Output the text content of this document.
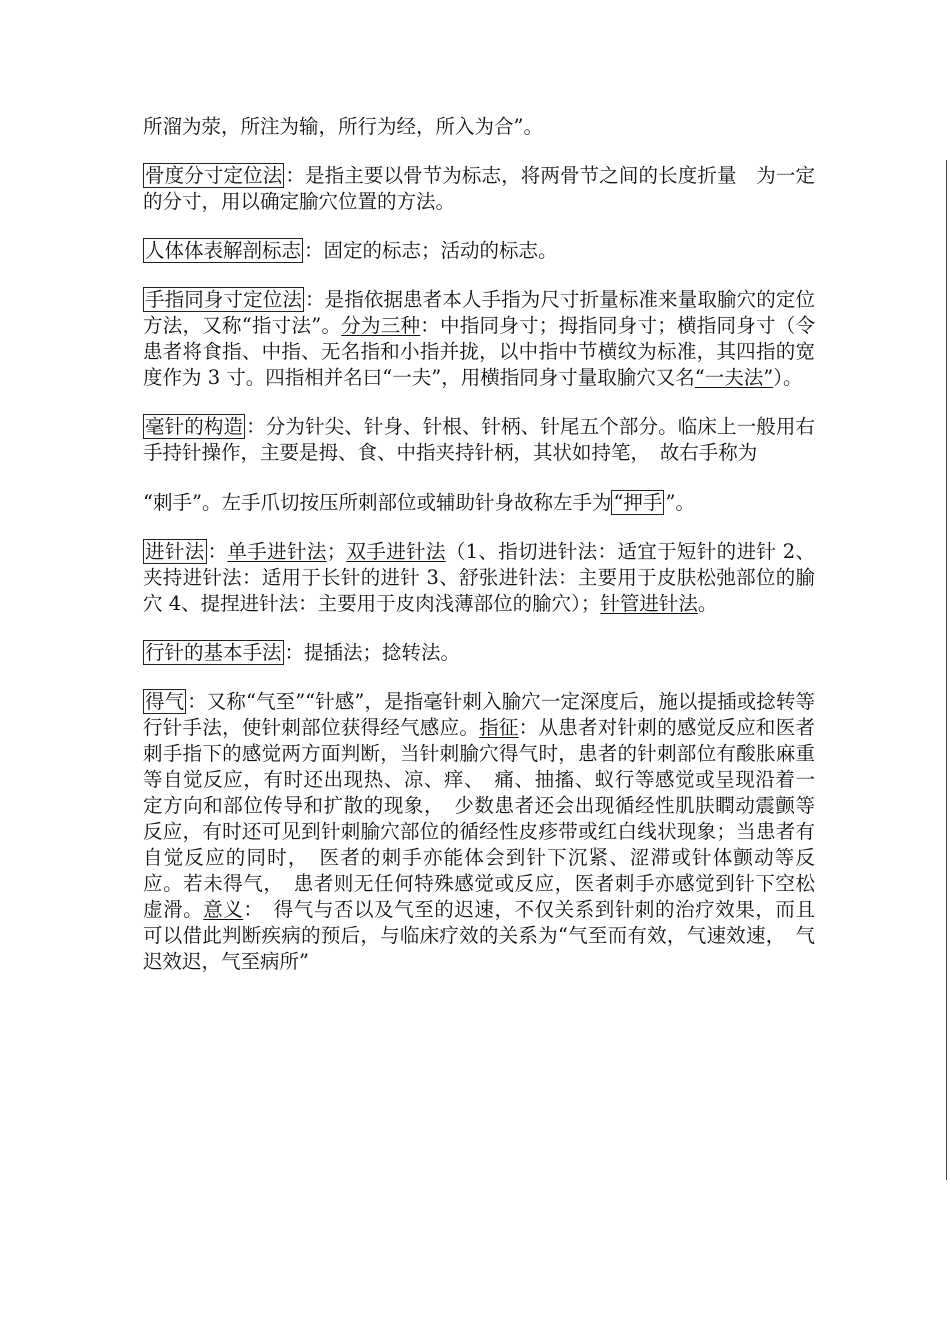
所溜为荥，所注为输，所行为经，所入为合”。

骨度分寸定位法 ：是指主要以骨节为标志，将两骨节之间的长度折量　为一定的分寸，用以确定腧穴位置的方法。

人体体表解剖标志 ：固定的标志；活动的标志。

手指同身寸定位法 ：是指依据患者本人手指为尺寸折量标准来量取腧穴的定位方法，又称“指寸法”。分为三种：中指同身寸；拇指同身寸；横指同身寸（令患者将食指、中指、无名指和小指并拢，以中指中节横纹为标准，其四指的宽度作为 3 寸。四指相并名曰“一夫”，用横指同身寸量取腧穴又名“一夫法”）。

毫针的构造 ：分为针尖、针身、针根、针柄、针尾五个部分。临床上一般用右手持针操作，主要是拇、食、中指夹持针柄，其状如持笔，　故右手称为

“刺手”。左手爪切按压所刺部位或辅助针身故称左手为 “押手 ”。

进针法 ：单手进针法；双手进针法（1、指切进针法：适宜于短针的进针 2、夹持进针法：适用于长针的进针 3、舒张进针法：主要用于皮肤松弛部位的腧穴 4、提捏进针法：主要用于皮肉浅薄部位的腧穴）；针管进针法。

行针的基本手法 ：提插法；捻转法。

得气 ：又称“气至”“针感”，是指毫针刺入腧穴一定深度后，施以提插或捻转等行针手法，使针刺部位获得经气感应。指征：从患者对针刺的感觉反应和医者刺手指下的感觉两方面判断，当针刺腧穴得气时，患者的针刺部位有酸胀麻重等自觉反应，有时还出现热、凉、痒、　痛、抽搐、蚁行等感觉或呈现沿着一定方向和部位传导和扩散的现象，　少数患者还会出现循经性肌肤瞤动震颤等反应，有时还可见到针刺腧穴部位的循经性皮疹带或红白线状现象；当患者有自觉反应的同时，　医者的刺手亦能体会到针下沉紧、涩滞或针体颤动等反应。若未得气，　患者则无任何特殊感觉或反应，医者刺手亦感觉到针下空松虚滑。意义：　得气与否以及气至的迟速，不仅关系到针刺的治疗效果，而且可以借此判断疾病的预后，与临床疗效的关系为“气至而有效，气速效速，　气迟效迟，气至病所”
